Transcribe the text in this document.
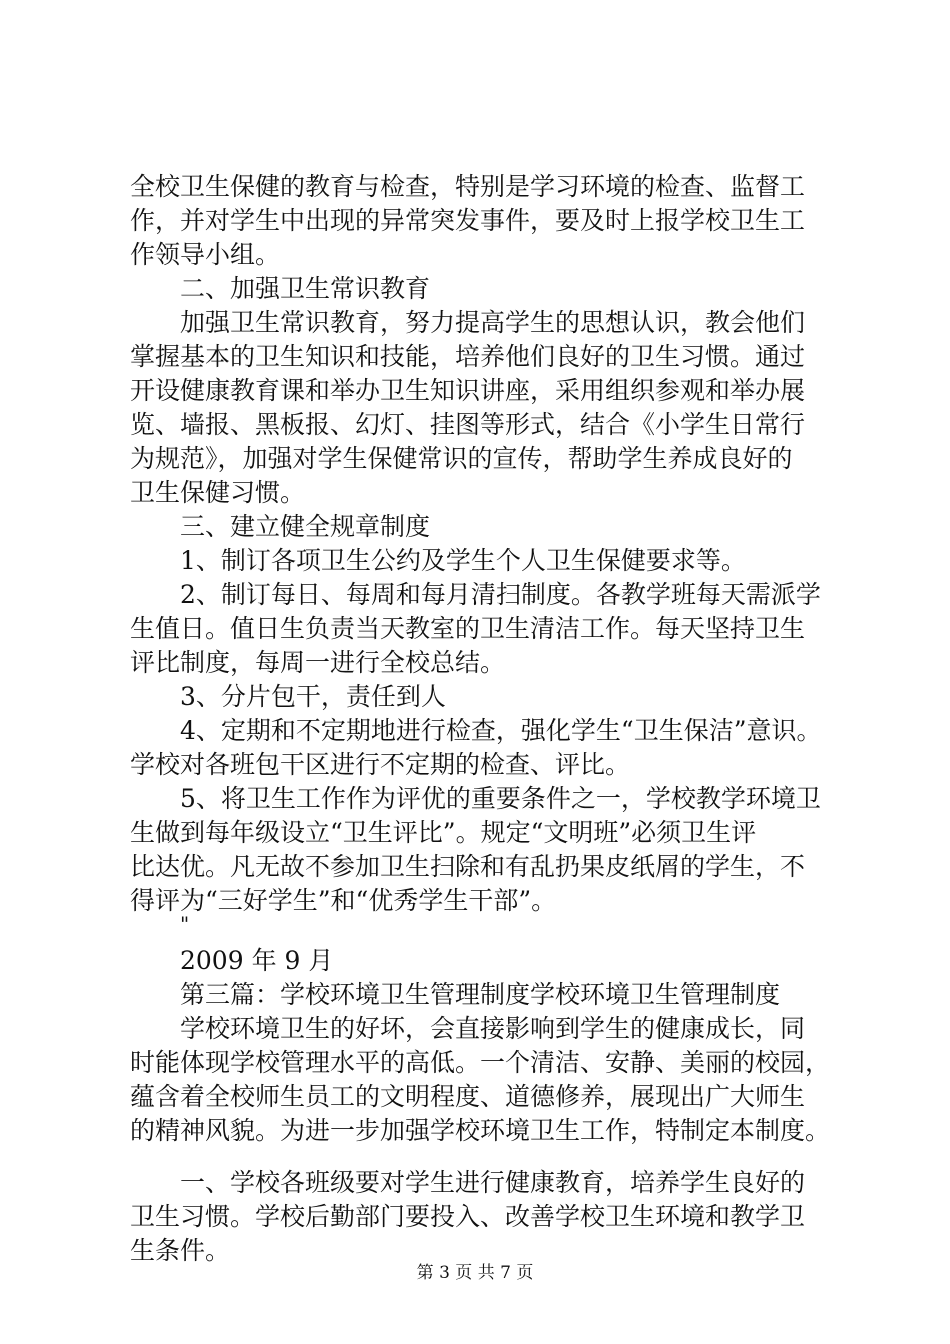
全校卫生保健的教育与检查，特别是学习环境的检查、监督工
作，并对学生中出现的异常突发事件，要及时上报学校卫生工
作领导小组。
二、加强卫生常识教育
加强卫生常识教育，努力提高学生的思想认识，教会他们
掌握基本的卫生知识和技能，培养他们良好的卫生习惯。通过
开设健康教育课和举办卫生知识讲座，采用组织参观和举办展
览、墙报、黑板报、幻灯、挂图等形式，结合《小学生日常行
为规范》，加强对学生保健常识的宣传，帮助学生养成良好的
卫生保健习惯。
三、建立健全规章制度
1、制订各项卫生公约及学生个人卫生保健要求等。
2、制订每日、每周和每月清扫制度。各教学班每天需派学
生值日。值日生负责当天教室的卫生清洁工作。每天坚持卫生
评比制度，每周一进行全校总结。
3、分片包干，责任到人
4、定期和不定期地进行检查，强化学生“卫生保洁”意识。
学校对各班包干区进行不定期的检查、评比。
5、将卫生工作作为评优的重要条件之一，学校教学环境卫
生做到每年级设立“卫生评比”。规定“文明班”必须卫生评
比达优。凡无故不参加卫生扫除和有乱扔果皮纸屑的学生，不
得评为“三好学生”和“优秀学生干部”。
"
2009 年 9 月
第三篇：学校环境卫生管理制度学校环境卫生管理制度
学校环境卫生的好坏，会直接影响到学生的健康成长，同
时能体现学校管理水平的高低。一个清洁、安静、美丽的校园，
蕴含着全校师生员工的文明程度、道德修养，展现出广大师生
的精神风貌。为进一步加强学校环境卫生工作，特制定本制度。
一、学校各班级要对学生进行健康教育，培养学生良好的
卫生习惯。学校后勤部门要投入、改善学校卫生环境和教学卫
生条件。
第 3 页 共 7 页
